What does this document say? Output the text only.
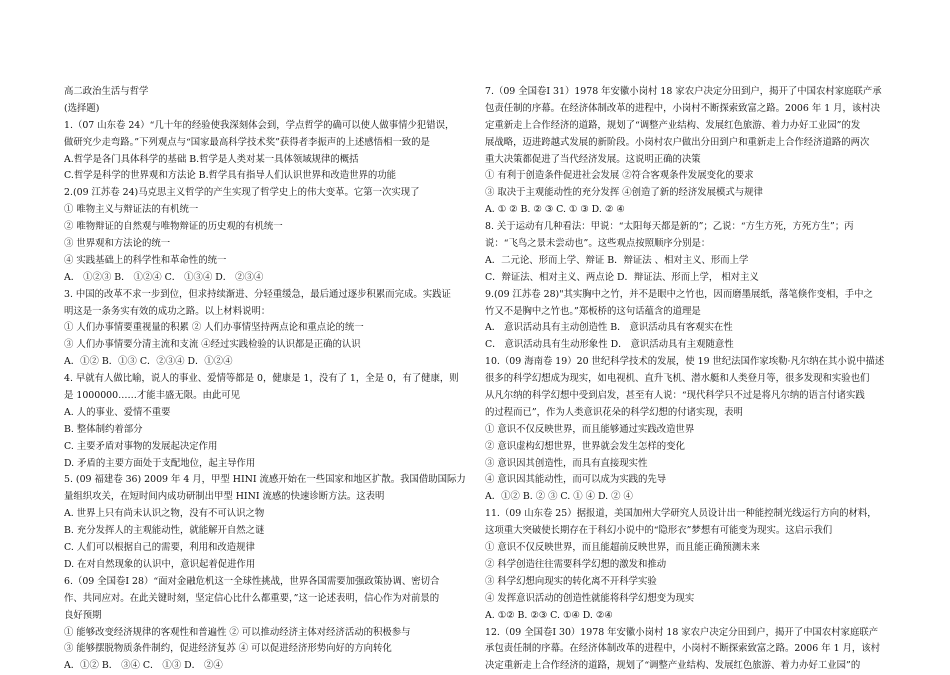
高二政治生活与哲学
(选择题)
1.（07 山东卷 24）“几十年的经验使我深刻体会到，学点哲学的确可以使人做事情少犯错误，
做研究少走弯路。”下列观点与“国家最高科学技术奖”获得者李振声的上述感悟相一致的是
A.哲学是各门具体科学的基础 B.哲学是人类对某一具体领域规律的概括
C.哲学是科学的世界观和方法论 B.哲学具有指导人们认识世界和改造世界的功能
2.(09 江苏卷 24)马克思主义哲学的产生实现了哲学史上的伟大变革。它第一次实现了
① 唯物主义与辩证法的有机统一
② 唯物辩证的自然观与唯物辩证的历史观的有机统一
③ 世界观和方法论的统一
④ 实践基础上的科学性和革命性的统一
A． ①②③ B． ①②④ C． ①③④ D． ②③④
3. 中国的改革不求一步到位，但求持续渐进、分轻重缓急，最后通过逐步积累而完成。实践证
明这是一条务实有效的成功之路。以上材料说明：
① 人们办事情要重视量的积累 ② 人们办事情坚持两点论和重点论的统一
③ 人们办事情要分清主流和支流 ④经过实践检验的认识都是正确的认识
A．①② B．①③ C．②③④ D．①②④
4. 早就有人做比喻，说人的事业、爱情等都是 0，健康是 1，没有了 1，全是 0，有了健康，则
是 1000000……才能丰盛无限。由此可见
A. 人的事业、爱情不重要
B. 整体制约着部分
C. 主要矛盾对事物的发展起决定作用
D. 矛盾的主要方面处于支配地位，起主导作用
5. (09 福建卷 36) 2009 年 4 月，甲型 HINI 流感开始在一些国家和地区扩散。我国借助国际力
量组织攻关，在短时间内成功研制出甲型 HINI 流感的快速诊断方法。这表明
A. 世界上只有尚未认识之物，没有不可认识之物
B. 充分发挥人的主观能动性，就能解开自然之谜
C. 人们可以根据自己的需要，利用和改造规律
D. 在对自然现象的认识中，意识起着促进作用
6.（09 全国卷Ⅰ 28）“面对金融危机这一全球性挑战，世界各国需要加强政策协调、密切合
作、共同应对。在此关键时刻，坚定信心比什么都重要，”这一论述表明，信心作为对前景的
良好预期
① 能够改变经济规律的客观性和普遍性 ② 可以推动经济主体对经济活动的积极参与
③ 能够摆脱物质条件制约，促进经济复苏 ④ 可以促进经济形势向好的方向转化
A．①② B． ③④ C． ①③ D． ②④
7.（09 全国卷Ⅰ 31）1978 年安徽小岗村 18 家农户决定分田到户，揭开了中国农村家庭联产承
包责任制的序幕。在经济体制改革的进程中，小岗村不断探索致富之路。2006 年 1 月，该村决
定重新走上合作经济的道路，规划了“调整产业结构、发展红色旅游、着力办好工业园”的发
展战略，迈进跨越式发展的新阶段。小岗村农户做出分田到户和重新走上合作经济道路的两次
重大决策都促进了当代经济发展。这说明正确的决策
① 有利于创造条件促进社会发展 ②符合客观条件发展变化的要求
③ 取决于主观能动性的充分发挥 ④创造了新的经济发展模式与规律
A. ① ② B. ② ③ C. ① ③ D. ② ④
8. 关于运动有几种看法：甲说：“太阳每天都是新的”；乙说：“方生方死，方死方生”；丙
说：“飞鸟之景未尝动也”。这些观点按照顺序分别是：
A．二元论、形而上学、辩证 B．辩证法 、相对主义、形而上学
C．辩证法、相对主义、两点论 D．辩证法、形而上学， 相对主义
9.(09 江苏卷 28)"其实胸中之竹，并不是眼中之竹也，因而磨墨展纸，落笔倏作变相，手中之
竹又不是胸中之竹也。”郑板桥的这句话蕴含的道理是
A． 意识活动具有主动创造性 B． 意识活动具有客观实在性
C． 意识活动具有生动形象性 D． 意识活动具有主观随意性
10.（09 海南卷 19）20 世纪科学技术的发展，使 19 世纪法国作家埃勒·凡尔纳在其小说中描述
很多的科学幻想成为现实，如电视机、直升飞机、潜水艇和人类登月等，很多发现和实验也们
从凡尔纳的科学幻想中受到启发，甚至有人说：“现代科学只不过是将凡尔纳的语言付诸实践
的过程而已”，作为人类意识花朵的科学幻想的付诸实现，表明
① 意识不仅反映世界，而且能够通过实践改造世界
② 意识虚构幻想世界，世界就会发生怎样的变化
③ 意识因其创造性，而具有直接现实性
④ 意识因其能动性，而可以成为实践的先导
A．①② B. ② ③ C. ① ④ D. ② ④
11.（09 山东卷 25）据报道，美国加州大学研究人员设计出一种能控制光线运行方向的材料，
这项重大突破使长期存在于科幻小说中的“隐形衣”梦想有可能变为现实。这启示我们
① 意识不仅反映世界，而且能超前反映世界，而且能正确预测未来
② 科学创造往往需要科学幻想的激发和推动
③ 科学幻想向现实的转化离不开科学实验
④ 发挥意识活动的创造性就能将科学幻想变为现实
A. ①② B. ②③ C. ①④ D. ②④
12.（09 全国卷Ⅰ 30）1978 年安徽小岗村 18 家农户决定分田到户，揭开了中国农村家庭联产
承包责任制的序幕。在经济体制改革的进程中，小岗村不断探索致富之路。2006 年 1 月，该村
决定重新走上合作经济的道路，规划了“调整产业结构、发展红色旅游、着力办好工业园”的
